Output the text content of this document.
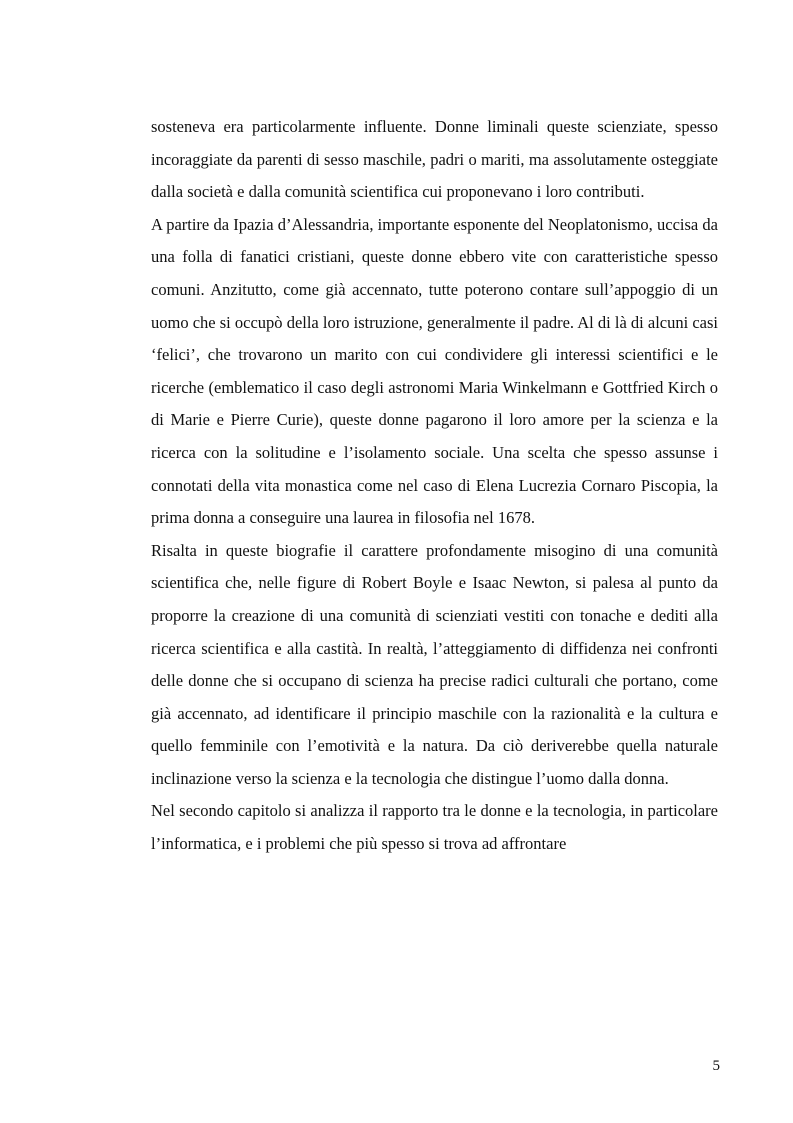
sosteneva era particolarmente influente. Donne liminali queste scienziate, spesso incoraggiate da parenti di sesso maschile, padri o mariti, ma assolutamente osteggiate dalla società e dalla comunità scientifica cui proponevano i loro contributi.

A partire da Ipazia d’Alessandria, importante esponente del Neoplatonismo, uccisa da una folla di fanatici cristiani, queste donne ebbero vite con caratteristiche spesso comuni. Anzitutto, come già accennato, tutte poterono contare sull’appoggio di un uomo che si occupò della loro istruzione, generalmente il padre. Al di là di alcuni casi ‘felici’, che trovarono un marito con cui condividere gli interessi scientifici e le ricerche (emblematico il caso degli astronomi Maria Winkelmann e Gottfried Kirch o di Marie e Pierre Curie), queste donne pagarono il loro amore per la scienza e la ricerca con la solitudine e l’isolamento sociale. Una scelta che spesso assunse i connotati della vita monastica come nel caso di Elena Lucrezia Cornaro Piscopia, la prima donna a conseguire una laurea in filosofia nel 1678.

Risalta in queste biografie il carattere profondamente misogino di una comunità scientifica che, nelle figure di Robert Boyle e Isaac Newton, si palesa al punto da proporre la creazione di una comunità di scienziati vestiti con tonache e dediti alla ricerca scientifica e alla castità. In realtà, l’atteggiamento di diffidenza nei confronti delle donne che si occupano di scienza ha precise radici culturali che portano, come già accennato, ad identificare il principio maschile con la razionalità e la cultura e quello femminile con l’emotività e la natura. Da ciò deriverebbe quella naturale inclinazione verso la scienza e la tecnologia che distingue l’uomo dalla donna.

Nel secondo capitolo si analizza il rapporto tra le donne e la tecnologia, in particolare l’informatica, e i problemi che più spesso si trova ad affrontare

5
